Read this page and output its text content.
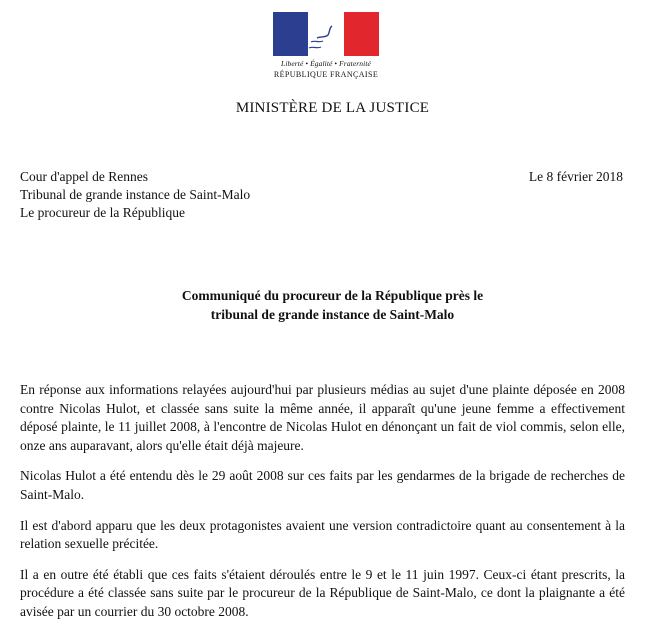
Liberté • Égalité • Fraternité
RÉPUBLIQUE FRANÇAISE
MINISTÈRE DE LA JUSTICE
Cour d'appel de Rennes
Tribunal de grande instance de Saint-Malo
Le procureur de la République
Le 8 février 2018
Communiqué du procureur de la République près le
tribunal de grande instance de Saint-Malo

En réponse aux informations relayées aujourd'hui par plusieurs médias au sujet d'une plainte déposée en 2008 contre Nicolas Hulot, et classée sans suite la même année, il apparaît qu'une jeune femme a effectivement déposé plainte, le 11 juillet 2008, à l'encontre de Nicolas Hulot en dénonçant un fait de viol commis, selon elle, onze ans auparavant, alors qu'elle était déjà majeure.

Nicolas Hulot a été entendu dès le 29 août 2008 sur ces faits par les gendarmes de la brigade de recherches de Saint-Malo.

Il est d'abord apparu que les deux protagonistes avaient une version contradictoire quant au consentement à la relation sexuelle précitée.

Il a en outre été établi que ces faits s'étaient déroulés entre le 9 et le 11 juin 1997. Ceux-ci étant prescrits, la procédure a été classée sans suite par le procureur de la République de Saint-Malo, ce dont la plaignante a été avisée par un courrier du 30 octobre 2008.
